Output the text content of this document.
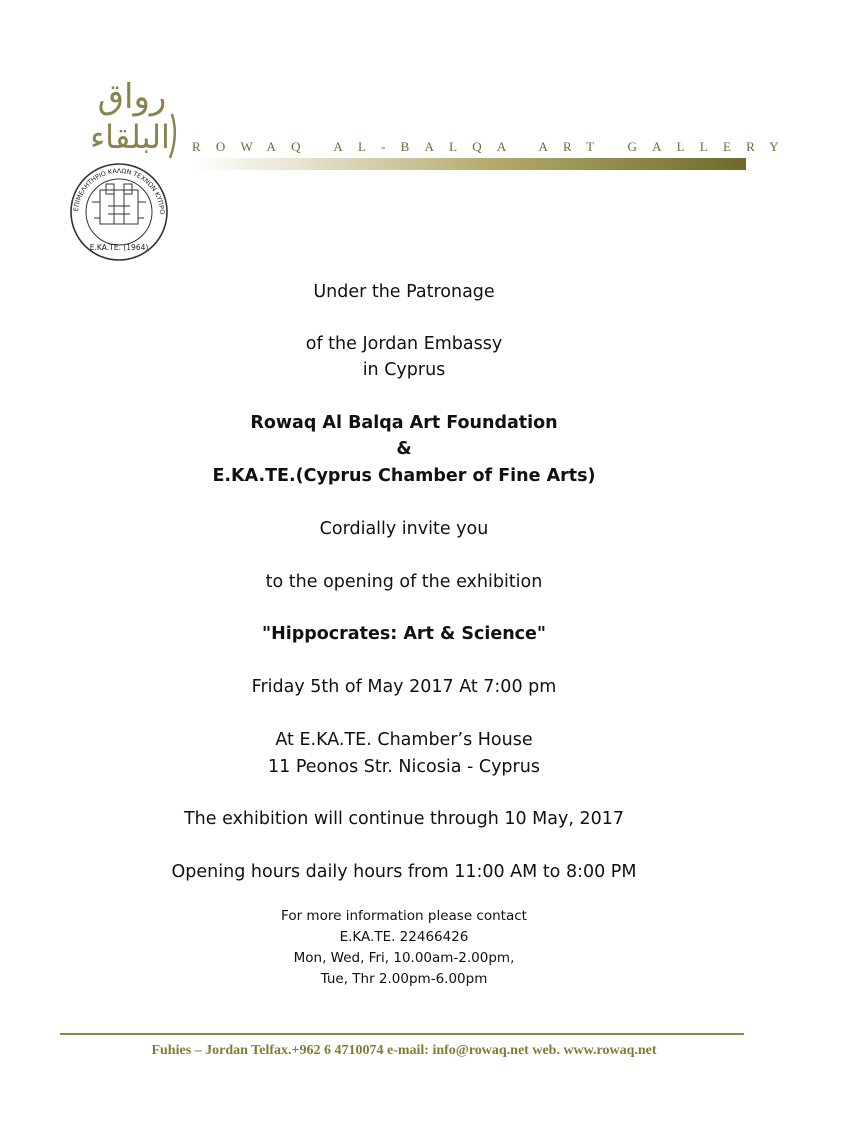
رواق
البلقاء
ΕΠΙΜΕΛΗΤΗΡΙΟ ΚΑΛΩΝ ΤΕΧΝΩΝ ΚΥΠΡΟ
Ε.ΚΑ.ΤΕ. (1964)
ROWAQ AL-BALQA ART GALLERY
Under the Patronage
of the Jordan Embassy
in Cyprus
Rowaq Al Balqa Art Foundation
&
E.KA.TE.(Cyprus Chamber of Fine Arts)
Cordially invite you
to the opening of the exhibition
"Hippocrates: Art & Science"
Friday 5th of May 2017 At 7:00 pm
At E.KA.TE. Chamber’s House
11 Peonos Str. Nicosia - Cyprus
The exhibition will continue through 10 May, 2017
Opening hours daily hours from 11:00 AM to 8:00 PM
For more information please contact
E.KA.TE. 22466426
Mon, Wed, Fri, 10.00am-2.00pm,
Tue, Thr 2.00pm-6.00pm
Fuhies – Jordan Telfax.+962 6 4710074 e-mail: info@rowaq.net web. www.rowaq.net
